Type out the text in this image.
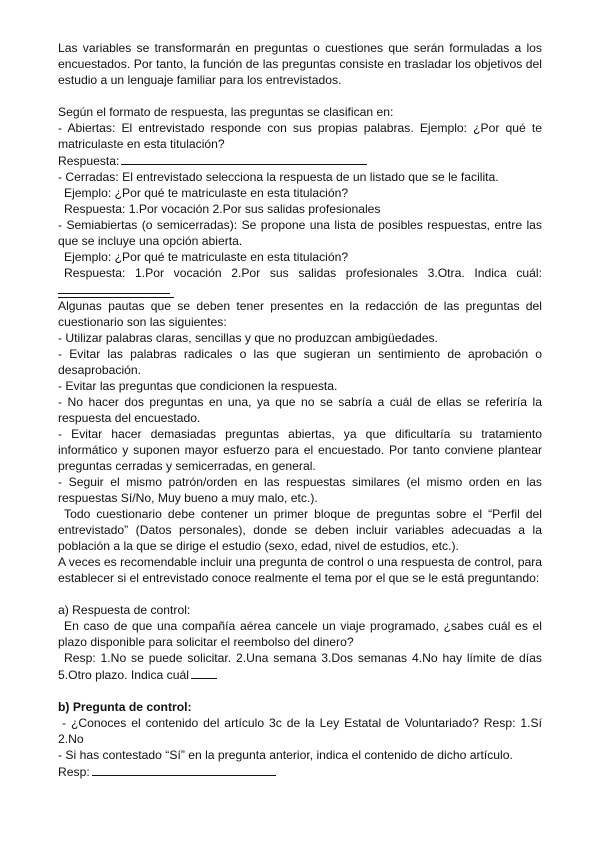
Las variables se transformarán en preguntas o cuestiones que serán formuladas a los encuestados. Por tanto, la función de las preguntas consiste en trasladar los objetivos del estudio a un lenguaje familiar para los entrevistados.

Según el formato de respuesta, las preguntas se clasifican en:

- Abiertas: El entrevistado responde con sus propias palabras. Ejemplo: ¿Por qué te matriculaste en esta titulación?

Respuesta:

- Cerradas: El entrevistado selecciona la respuesta de un listado que se le facilita.

Ejemplo: ¿Por qué te matriculaste en esta titulación?

Respuesta: 1.Por vocación 2.Por sus salidas profesionales

- Semiabiertas (o semicerradas): Se propone una lista de posibles respuestas, entre las que se incluye una opción abierta.

Ejemplo: ¿Por qué te matriculaste en esta titulación?

Respuesta: 1.Por vocación 2.Por sus salidas profesionales 3.Otra. Indica cuál:

Algunas pautas que se deben tener presentes en la redacción de las preguntas del cuestionario son las siguientes:

- Utilizar palabras claras, sencillas y que no produzcan ambigüedades.

- Evitar las palabras radicales o las que sugieran un sentimiento de aprobación o desaprobación.

- Evitar las preguntas que condicionen la respuesta.

- No hacer dos preguntas en una, ya que no se sabría a cuál de ellas se referiría la respuesta del encuestado.

- Evitar hacer demasiadas preguntas abiertas, ya que dificultaría su tratamiento informático y suponen mayor esfuerzo para el encuestado. Por tanto conviene plantear preguntas cerradas y semicerradas, en general.

- Seguir el mismo patrón/orden en las respuestas similares (el mismo orden en las respuestas Sí/No, Muy bueno a muy malo, etc.).

Todo cuestionario debe contener un primer bloque de preguntas sobre el “Perfil del entrevistado” (Datos personales), donde se deben incluir variables adecuadas a la población a la que se dirige el estudio (sexo, edad, nivel de estudios, etc.).

A veces es recomendable incluir una pregunta de control o una respuesta de control, para establecer si el entrevistado conoce realmente el tema por el que se le está preguntando:

a) Respuesta de control:

En caso de que una compañía aérea cancele un viaje programado, ¿sabes cuál es el plazo disponible para solicitar el reembolso del dinero?

Resp: 1.No se puede solicitar. 2.Una semana 3.Dos semanas 4.No hay límite de días 5.Otro plazo. Indica cuál

b) Pregunta de control:

- ¿Conoces el contenido del artículo 3c de la Ley Estatal de Voluntariado? Resp: 1.Sí 2.No

- Si has contestado “Sí” en la pregunta anterior, indica el contenido de dicho artículo.

Resp:
